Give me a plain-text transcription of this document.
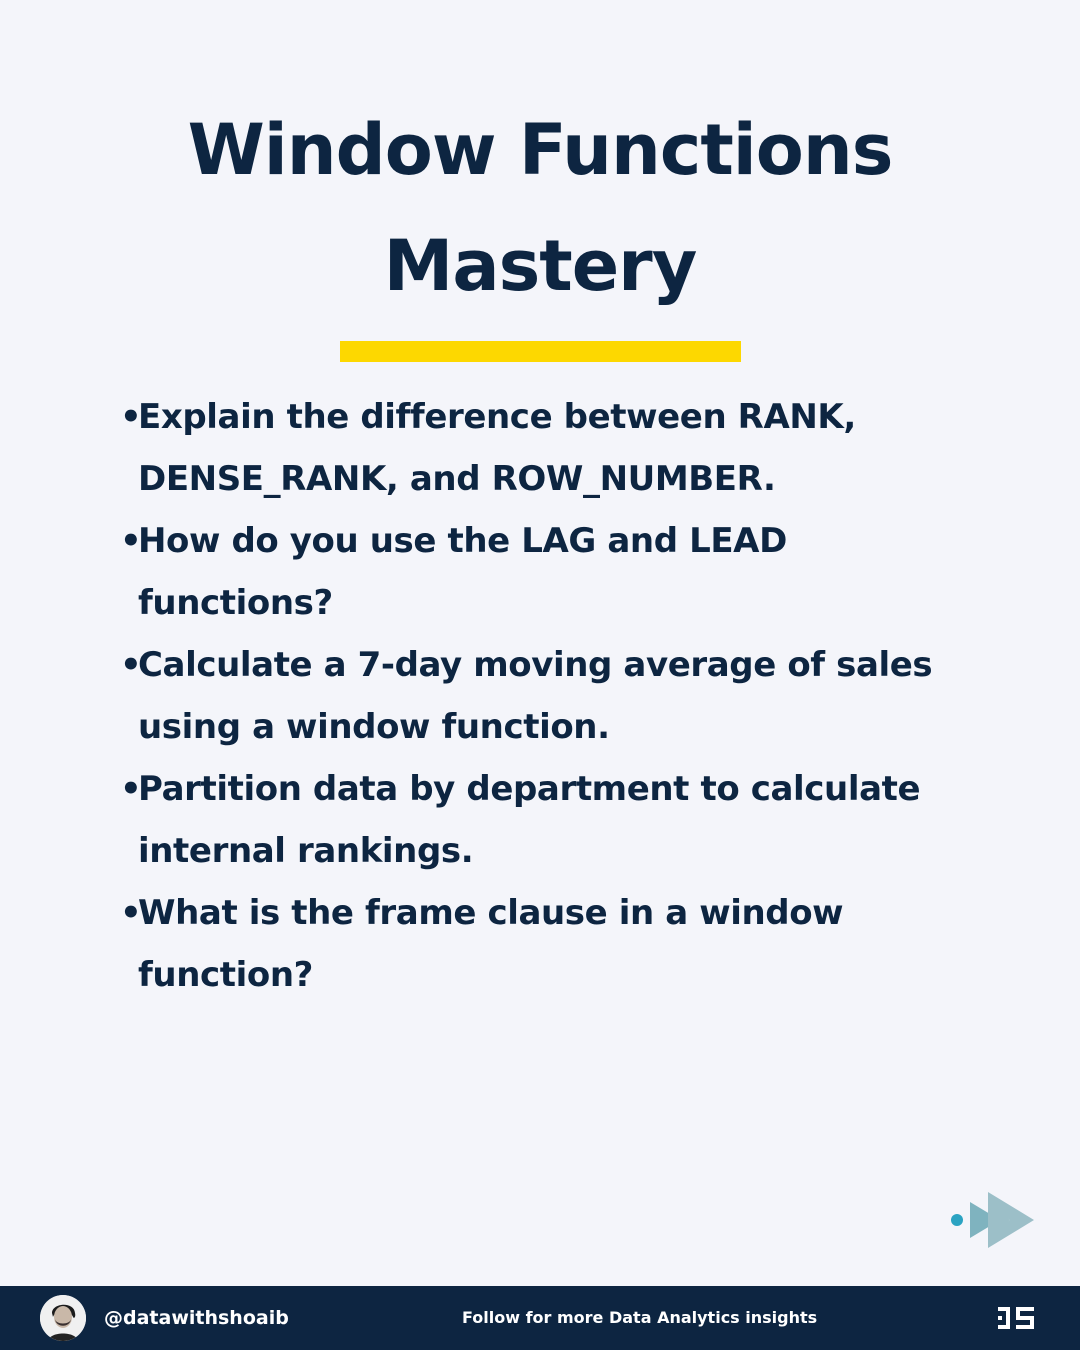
Window Functions
Mastery
•
Explain the difference between RANK, DENSE_RANK, and ROW_NUMBER.
•
How do you use the LAG and LEAD functions?
•
Calculate a 7-day moving average of sales using a window function.
•
Partition data by department to calculate internal rankings.
•
What is the frame clause in a window function?
@datawithshoaib	Follow for more Data Analytics insights
